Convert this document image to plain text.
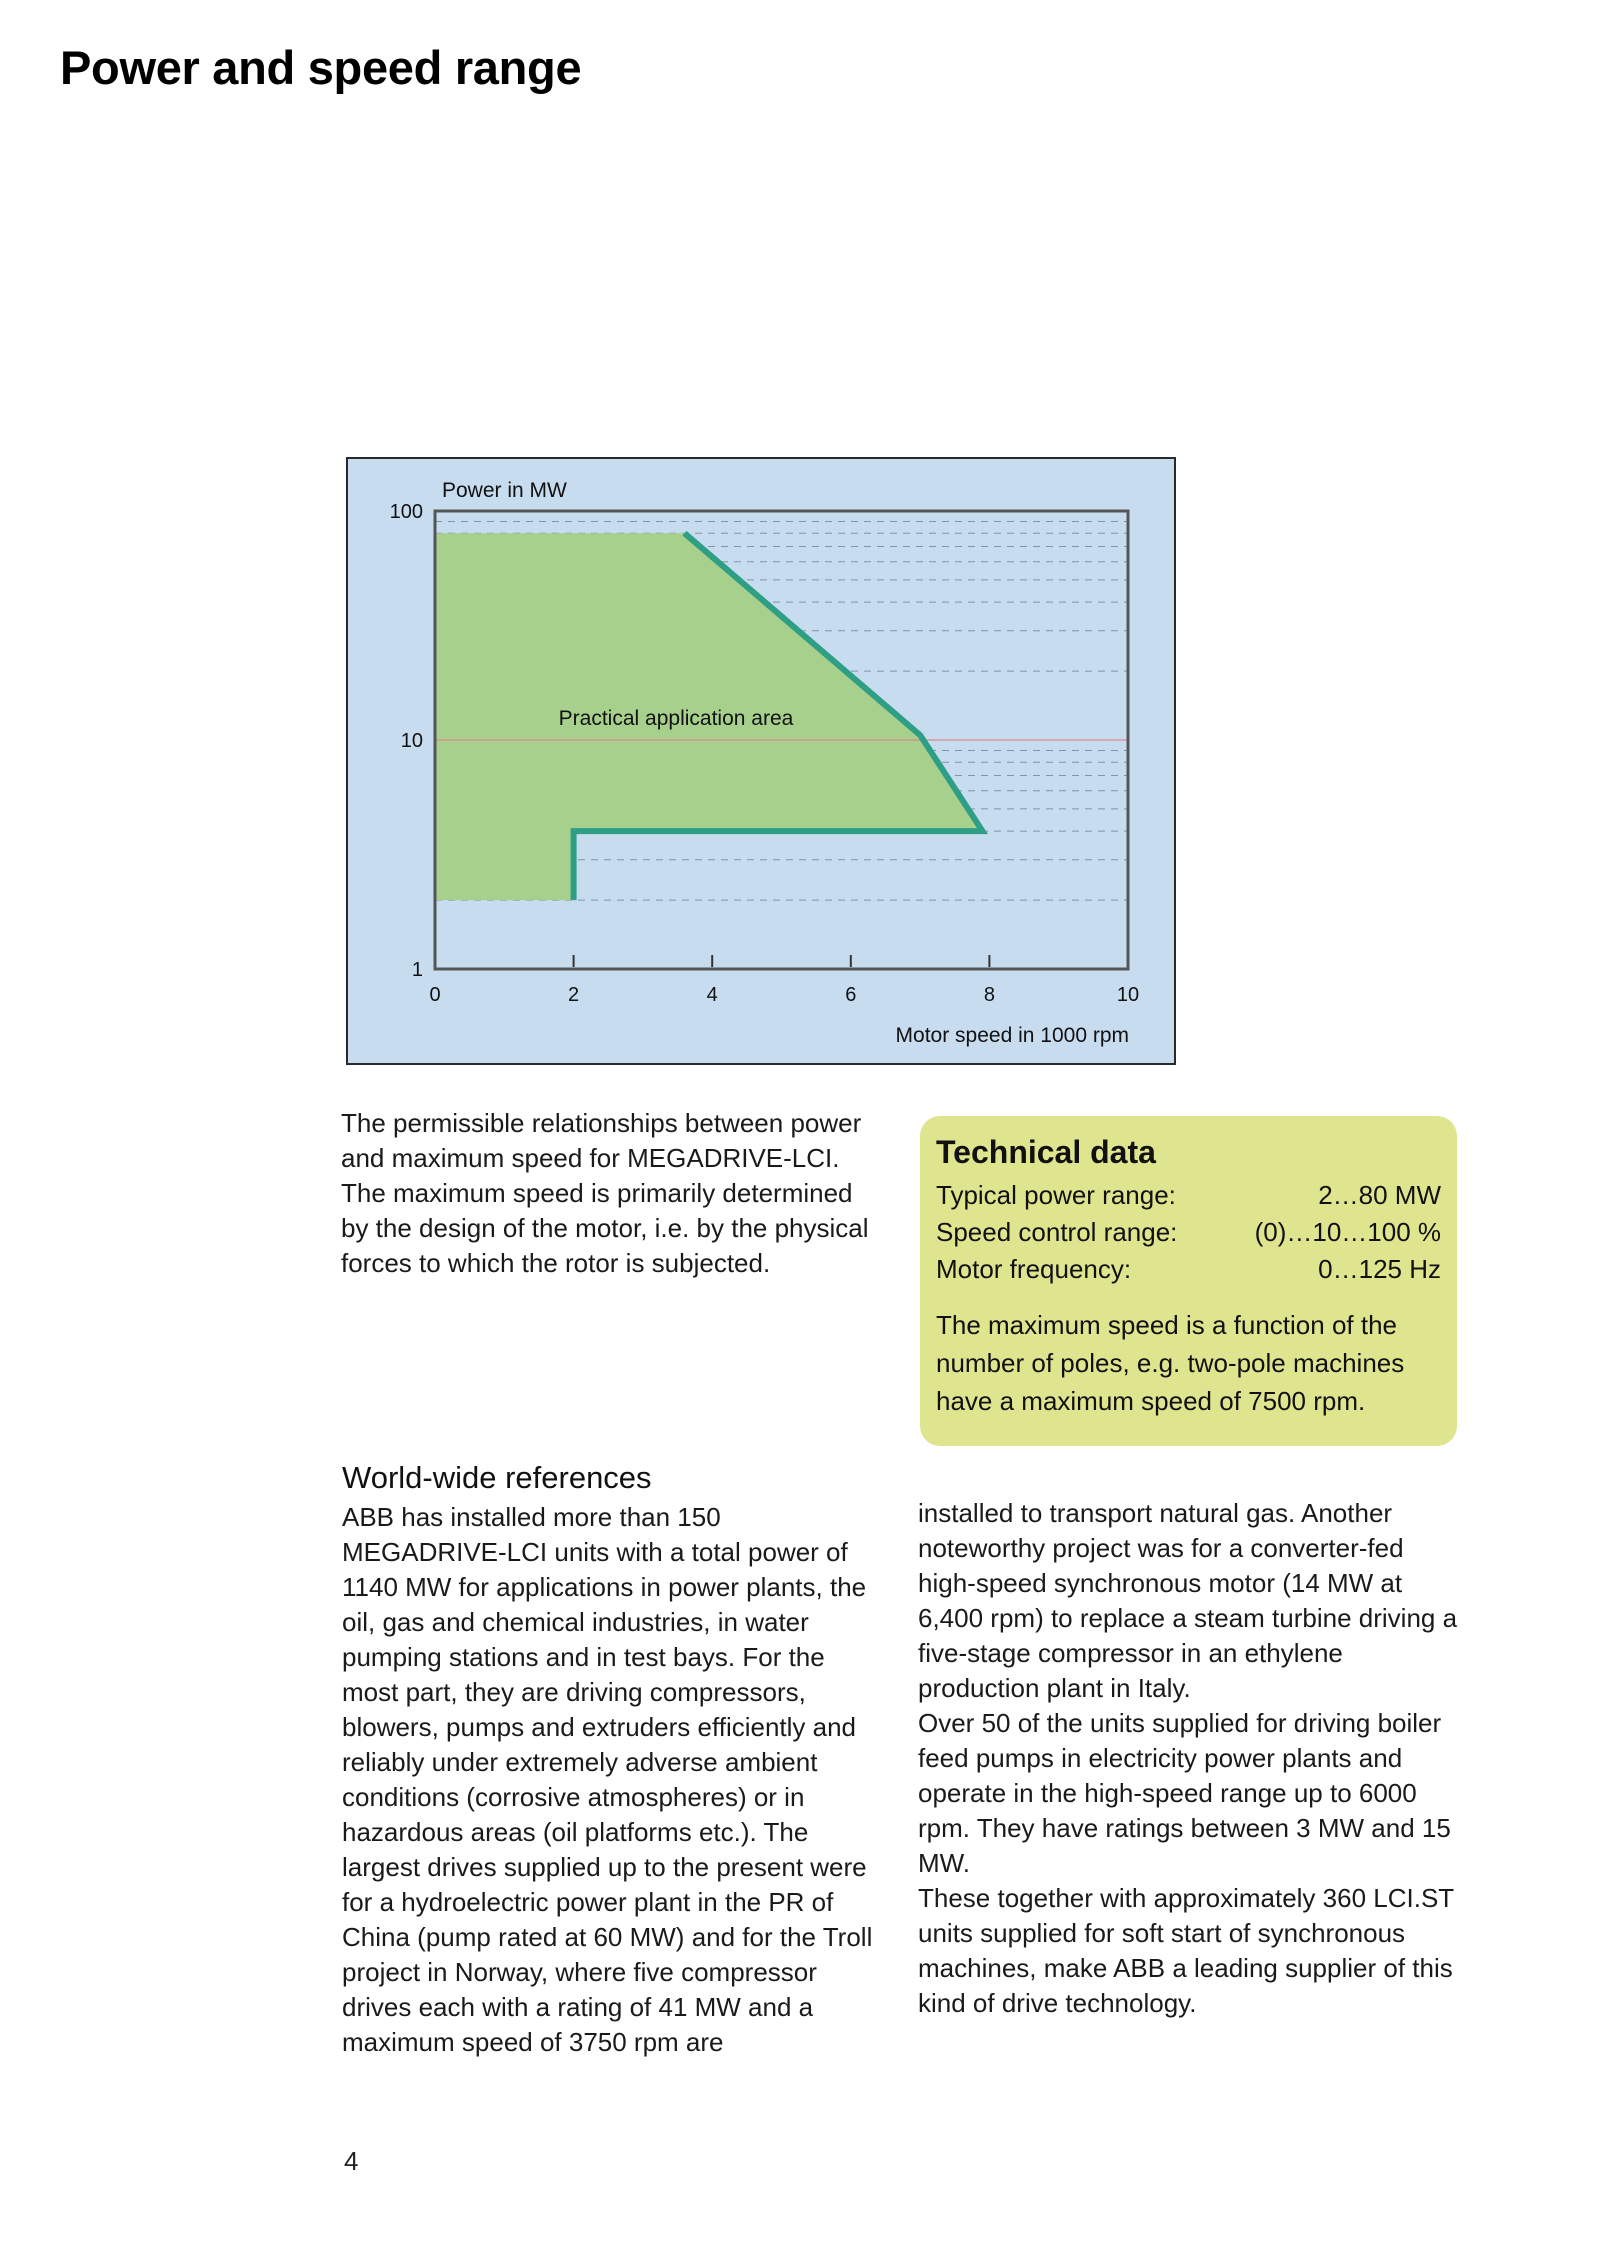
Power and speed range
0	2	4	6	8	10
1
10
100
Power in MW
Motor speed in 1000 rpm
Practical application area

The permissible relationships between power and maximum speed for MEGADRIVE-LCI. The maximum speed is primarily determined by the design of the motor, i.e. by the physical forces to which the rotor is subjected.

Technical data
Typical power range:	2…80 MW
Speed control range:	(0)…10…100 %
Motor frequency:	0…125 Hz

The maximum speed is a function of the number of poles, e.g. two-pole machines have a maximum speed of 7500 rpm.

World-wide references

ABB has installed more than 150 MEGADRIVE-LCI units with a total power of 1140 MW for applications in power plants, the oil, gas and chemical industries, in water pumping stations and in test bays. For the most part, they are driving compressors, blowers, pumps and extruders efficiently and reliably under extremely adverse ambient conditions (corrosive atmospheres) or in hazardous areas (oil platforms etc.). The largest drives supplied up to the present were for a hydroelectric power plant in the PR of China (pump rated at 60 MW) and for the Troll project in Norway, where five compressor drives each with a rating of 41 MW and a maximum speed of 3750 rpm are

installed to transport natural gas. Another noteworthy project was for a converter-fed high-speed synchronous motor (14 MW at 6,400 rpm) to replace a steam turbine driving a five-stage compressor in an ethylene production plant in Italy.

Over 50 of the units supplied for driving boiler feed pumps in electricity power plants and operate in the high-speed range up to 6000 rpm. They have ratings between 3 MW and 15 MW.

These together with approximately 360 LCI.ST units supplied for soft start of synchronous machines, make ABB a leading supplier of this kind of drive technology.

4
